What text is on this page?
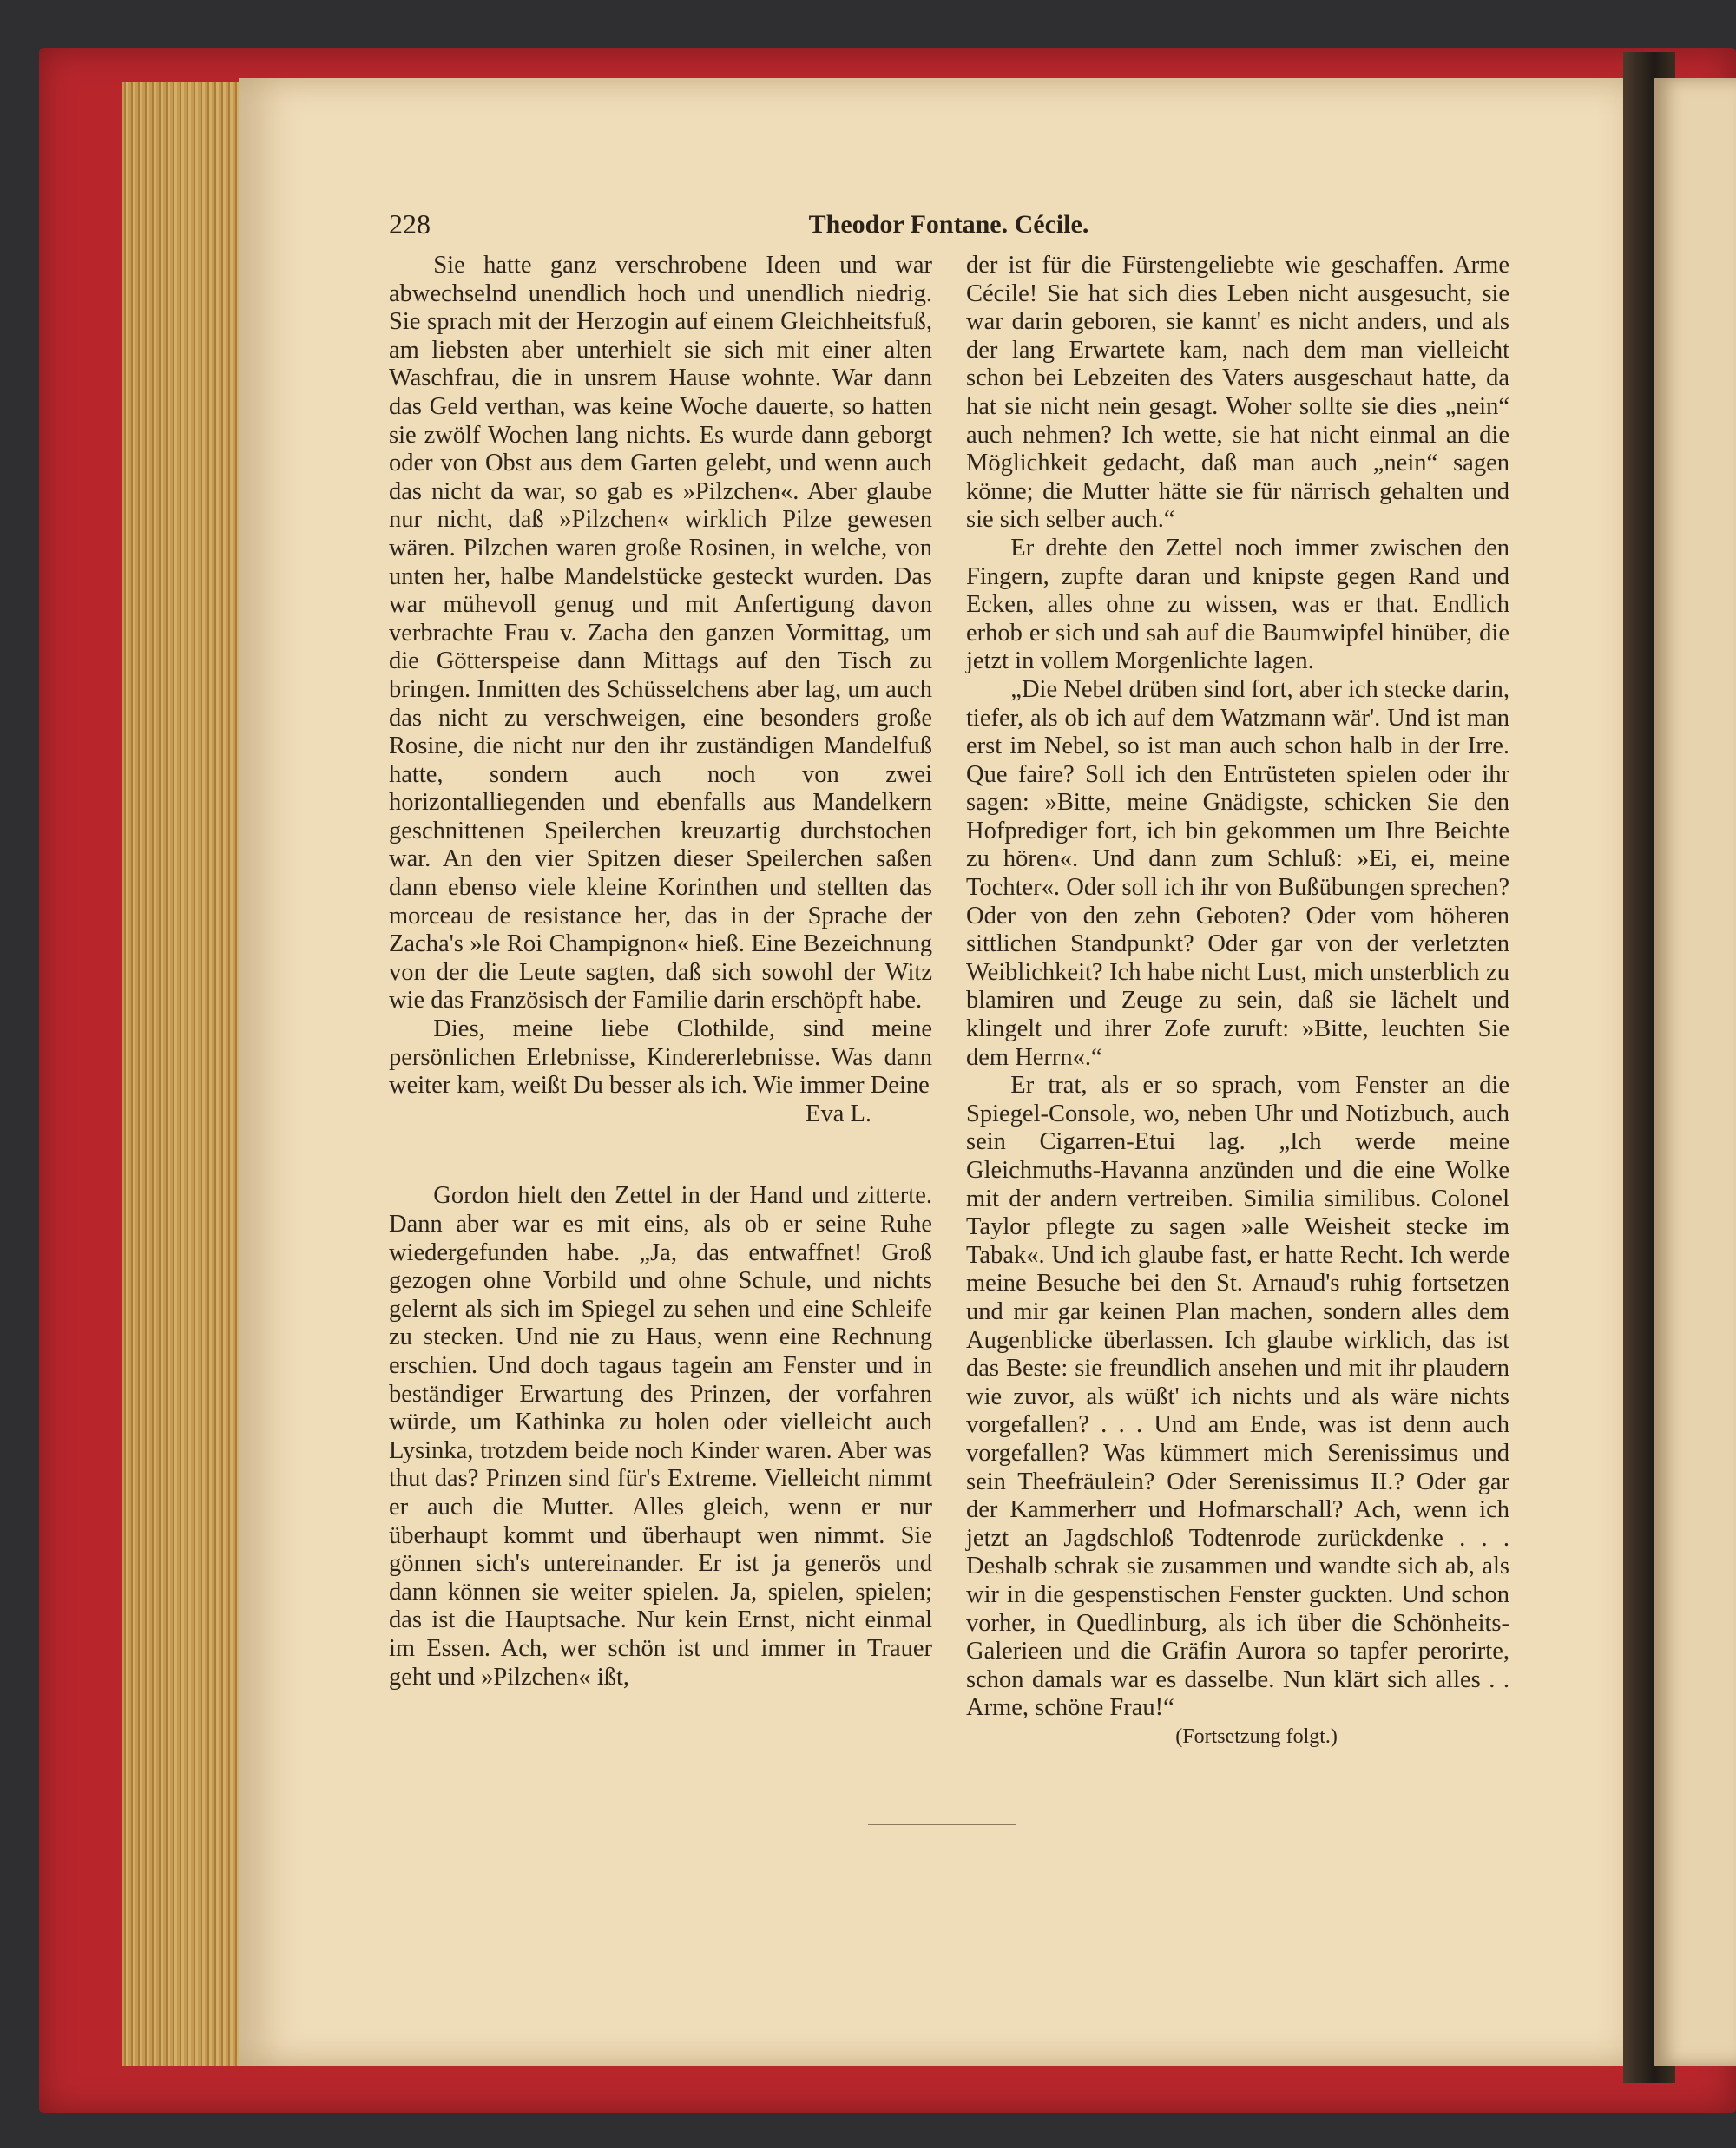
228	Theodor Fontane. Cécile.

Sie hatte ganz verschrobene Ideen und war abwechselnd unendlich hoch und unendlich niedrig. Sie sprach mit der Herzogin auf einem Gleichheitsfuß, am liebsten aber unterhielt sie sich mit einer alten Waschfrau, die in unsrem Hause wohnte. War dann das Geld verthan, was keine Woche dauerte, so hatten sie zwölf Wochen lang nichts. Es wurde dann geborgt oder von Obst aus dem Garten gelebt, und wenn auch das nicht da war, so gab es »Pilzchen«. Aber glaube nur nicht, daß »Pilzchen« wirklich Pilze gewesen wären. Pilzchen waren große Rosinen, in welche, von unten her, halbe Mandelstücke gesteckt wurden. Das war mühevoll genug und mit Anfertigung davon verbrachte Frau v. Zacha den ganzen Vormittag, um die Götterspeise dann Mittags auf den Tisch zu bringen. Inmitten des Schüsselchens aber lag, um auch das nicht zu verschweigen, eine besonders große Rosine, die nicht nur den ihr zuständigen Mandelfuß hatte, sondern auch noch von zwei horizontalliegenden und ebenfalls aus Mandelkern geschnittenen Speilerchen kreuzartig durchstochen war. An den vier Spitzen dieser Speilerchen saßen dann ebenso viele kleine Korinthen und stellten das morceau de resistance her, das in der Sprache der Zacha's »le Roi Champignon« hieß. Eine Bezeichnung von der die Leute sagten, daß sich sowohl der Witz wie das Französisch der Familie darin erschöpft habe.

Dies, meine liebe Clothilde, sind meine persönlichen Erlebnisse, Kindererlebnisse. Was dann weiter kam, weißt Du besser als ich. Wie immer Deine

Eva L.

Gordon hielt den Zettel in der Hand und zitterte. Dann aber war es mit eins, als ob er seine Ruhe wiedergefunden habe. „Ja, das entwaffnet! Groß gezogen ohne Vorbild und ohne Schule, und nichts gelernt als sich im Spiegel zu sehen und eine Schleife zu stecken. Und nie zu Haus, wenn eine Rechnung erschien. Und doch tagaus tagein am Fenster und in beständiger Erwartung des Prinzen, der vorfahren würde, um Kathinka zu holen oder vielleicht auch Lysinka, trotzdem beide noch Kinder waren. Aber was thut das? Prinzen sind für's Extreme. Vielleicht nimmt er auch die Mutter. Alles gleich, wenn er nur überhaupt kommt und überhaupt wen nimmt. Sie gönnen sich's untereinander. Er ist ja generös und dann können sie weiter spielen. Ja, spielen, spielen; das ist die Hauptsache. Nur kein Ernst, nicht einmal im Essen. Ach, wer schön ist und immer in Trauer geht und »Pilzchen« ißt,

der ist für die Fürstengeliebte wie geschaffen. Arme Cécile! Sie hat sich dies Leben nicht ausgesucht, sie war darin geboren, sie kannt' es nicht anders, und als der lang Erwartete kam, nach dem man vielleicht schon bei Lebzeiten des Vaters ausgeschaut hatte, da hat sie nicht nein gesagt. Woher sollte sie dies „nein“ auch nehmen? Ich wette, sie hat nicht einmal an die Möglichkeit gedacht, daß man auch „nein“ sagen könne; die Mutter hätte sie für närrisch gehalten und sie sich selber auch.“

Er drehte den Zettel noch immer zwischen den Fingern, zupfte daran und knipste gegen Rand und Ecken, alles ohne zu wissen, was er that. Endlich erhob er sich und sah auf die Baumwipfel hinüber, die jetzt in vollem Morgenlichte lagen.

„Die Nebel drüben sind fort, aber ich stecke darin, tiefer, als ob ich auf dem Watzmann wär'. Und ist man erst im Nebel, so ist man auch schon halb in der Irre. Que faire? Soll ich den Entrüsteten spielen oder ihr sagen: »Bitte, meine Gnädigste, schicken Sie den Hofprediger fort, ich bin gekommen um Ihre Beichte zu hören«. Und dann zum Schluß: »Ei, ei, meine Tochter«. Oder soll ich ihr von Bußübungen sprechen? Oder von den zehn Geboten? Oder vom höheren sittlichen Standpunkt? Oder gar von der verletzten Weiblichkeit? Ich habe nicht Lust, mich unsterblich zu blamiren und Zeuge zu sein, daß sie lächelt und klingelt und ihrer Zofe zuruft: »Bitte, leuchten Sie dem Herrn«.“

Er trat, als er so sprach, vom Fenster an die Spiegel-Console, wo, neben Uhr und Notizbuch, auch sein Cigarren-Etui lag. „Ich werde meine Gleichmuths-Havanna anzünden und die eine Wolke mit der andern vertreiben. Similia similibus. Colonel Taylor pflegte zu sagen »alle Weisheit stecke im Tabak«. Und ich glaube fast, er hatte Recht. Ich werde meine Besuche bei den St. Arnaud's ruhig fortsetzen und mir gar keinen Plan machen, sondern alles dem Augenblicke überlassen. Ich glaube wirklich, das ist das Beste: sie freundlich ansehen und mit ihr plaudern wie zuvor, als wüßt' ich nichts und als wäre nichts vorgefallen? . . . Und am Ende, was ist denn auch vorgefallen? Was kümmert mich Serenissimus und sein Theefräulein? Oder Serenissimus II.? Oder gar der Kammerherr und Hofmarschall? Ach, wenn ich jetzt an Jagdschloß Todtenrode zurückdenke . . . Deshalb schrak sie zusammen und wandte sich ab, als wir in die gespenstischen Fenster guckten. Und schon vorher, in Quedlinburg, als ich über die Schönheits-Galerieen und die Gräfin Aurora so tapfer perorirte, schon damals war es dasselbe. Nun klärt sich alles . . Arme, schöne Frau!“

(Fortsetzung folgt.)
